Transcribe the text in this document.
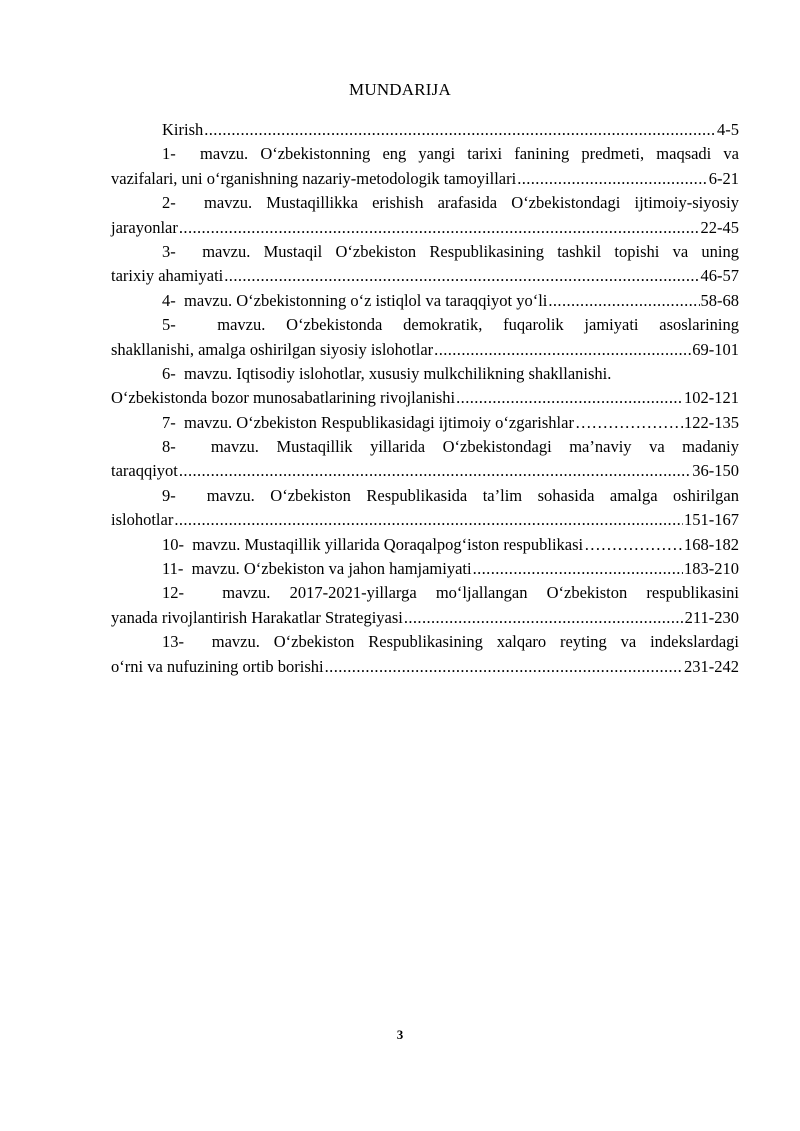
MUNDARIJA
Kirish .....	4-5
1-  mavzu. O‘zbekistonning eng yangi tarixi fanining predmeti, maqsadi va
vazifalari, uni o‘rganishning nazariy-metodologik tamoyillari .....	6-21
2-  mavzu. Mustaqillikka erishish arafasida O‘zbekistondagi ijtimoiy-siyosiy
jarayonlar .....	22-45
3-  mavzu. Mustaqil O‘zbekiston Respublikasining tashkil topishi va uning
tarixiy ahamiyati .....	46-57
4-  mavzu. O‘zbekistonning o‘z istiqlol va taraqqiyot yo‘li .....	58-68
5-  mavzu. O‘zbekistonda demokratik, fuqarolik jamiyati asoslarining
shakllanishi, amalga oshirilgan siyosiy islohotlar .....	69-101
6-  mavzu. Iqtisodiy islohotlar, xususiy mulkchilikning shakllanishi.
O‘zbekistonda bozor munosabatlarining rivojlanishi .....	102-121
7-  mavzu. O‘zbekiston Respublikasidagi ijtimoiy o‘zgarishlar …………………………………………………………	122-135
8-  mavzu. Mustaqillik yillarida O‘zbekistondagi ma’naviy va madaniy
taraqqiyot .....	36-150
9-  mavzu. O‘zbekiston Respublikasida ta’lim sohasida amalga oshirilgan
islohotlar .....	151-167
10-  mavzu. Mustaqillik yillarida Qoraqalpog‘iston respublikasi …………………………………………………………	168-182
11-  mavzu. O‘zbekiston va jahon hamjamiyati .....	183-210
12-  mavzu. 2017-2021-yillarga mo‘ljallangan O‘zbekiston respublikasini
yanada rivojlantirish Harakatlar Strategiyasi .....	211-230
13-  mavzu. O‘zbekiston Respublikasining xalqaro reyting va indekslardagi
o‘rni va nufuzining ortib borishi .....	231-242
3
